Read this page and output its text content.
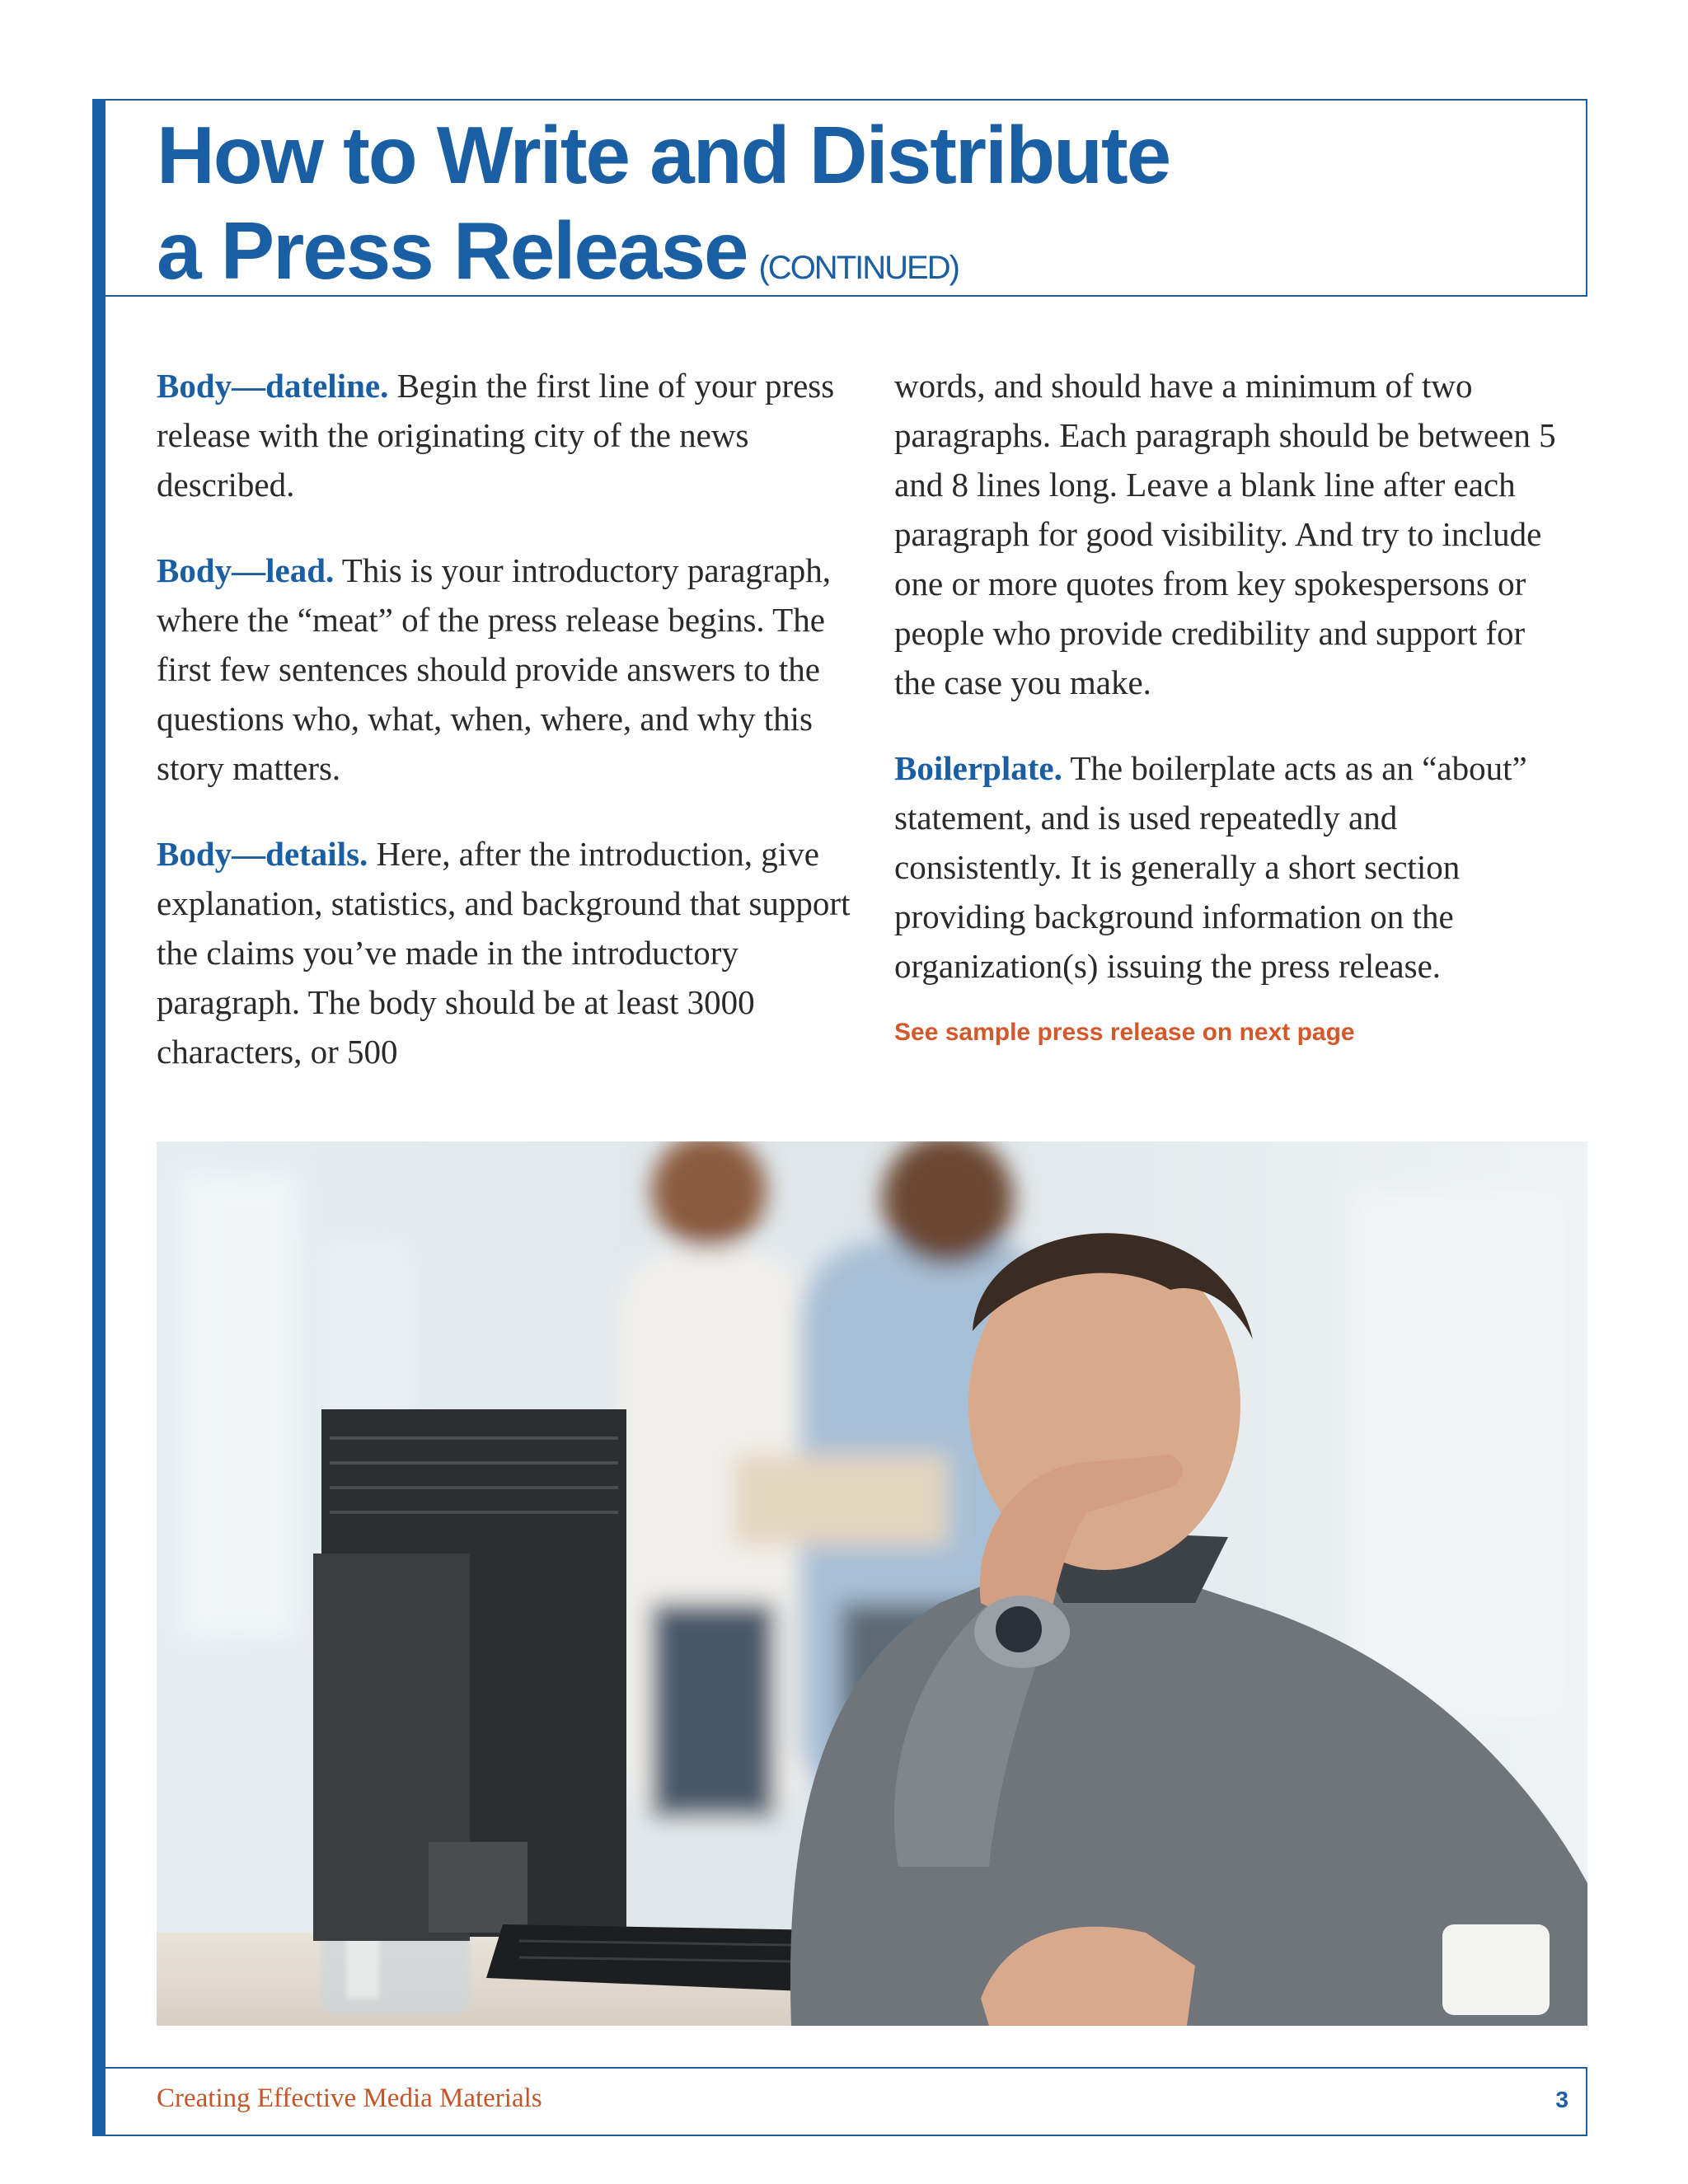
How to Write and Distribute
a Press Release (CONTINUED)

Body—dateline. Begin the first line of your press release with the originating city of the news described.

Body—lead. This is your introductory paragraph, where the “meat” of the press release begins. The first few sentences should provide answers to the questions who, what, when, where, and why this story matters.

Body—details. Here, after the introduction, give explanation, statistics, and background that support the claims you’ve made in the introductory paragraph. The body should be at least 3000 characters, or 500

words, and should have a minimum of two paragraphs. Each paragraph should be between 5 and 8 lines long. Leave a blank line after each paragraph for good visibility. And try to include one or more quotes from key spokespersons or people who provide credibility and support for the case you make.

Boilerplate. The boilerplate acts as an “about” statement, and is used repeatedly and consistently. It is generally a short section providing background information on the organization(s) issuing the press release.

See sample press release on next page
Creating Effective Media Materials	3
